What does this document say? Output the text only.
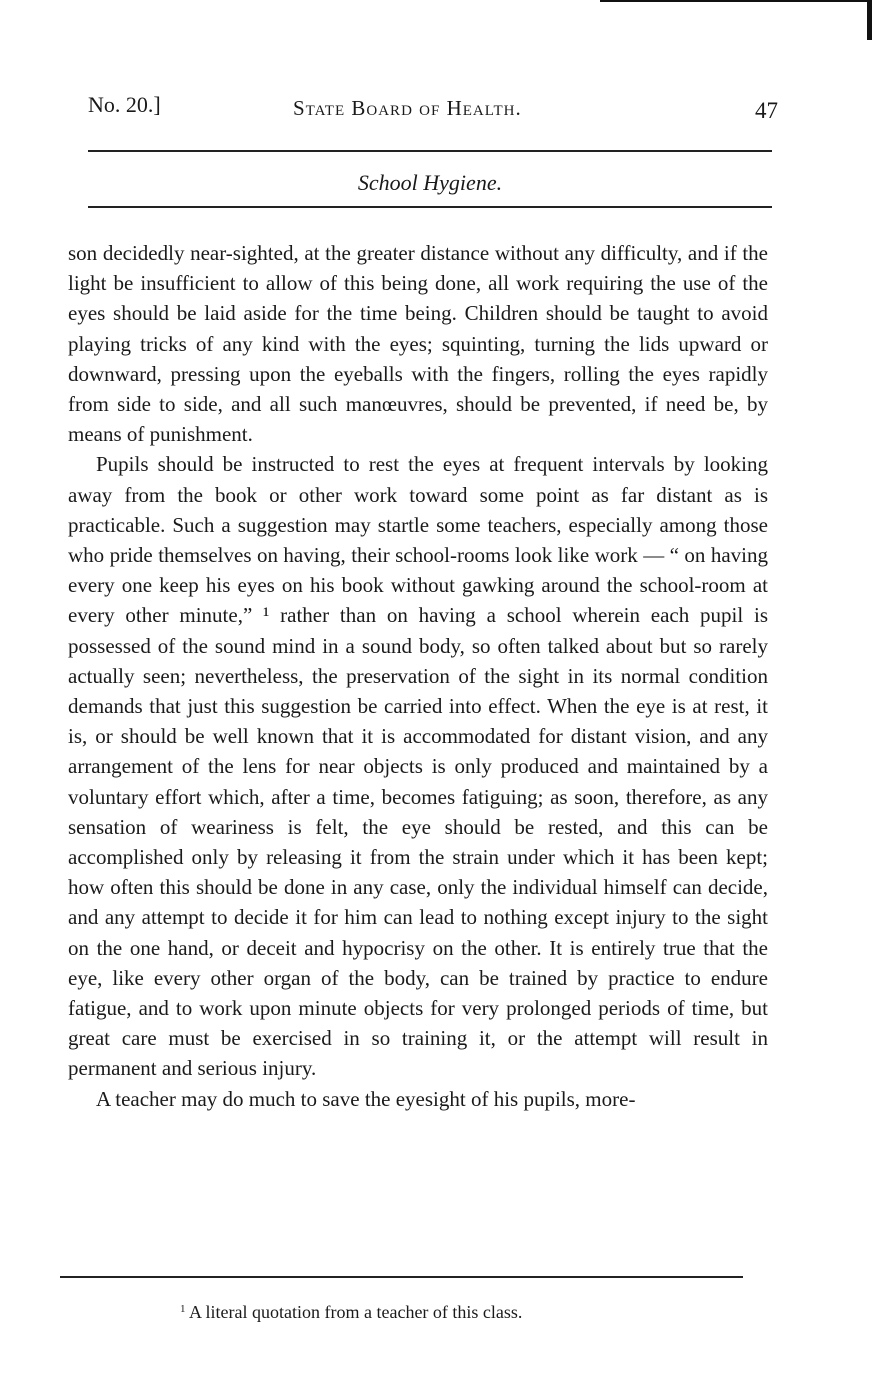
No. 20.]	State Board of Health.	47
School Hygiene.

son decidedly near-sighted, at the greater distance without any difficulty, and if the light be insufficient to allow of this being done, all work requiring the use of the eyes should be laid aside for the time being. Children should be taught to avoid playing tricks of any kind with the eyes; squinting, turning the lids upward or downward, pressing upon the eyeballs with the fingers, rolling the eyes rapidly from side to side, and all such manœuvres, should be prevented, if need be, by means of punishment.

Pupils should be instructed to rest the eyes at frequent intervals by looking away from the book or other work toward some point as far distant as is practicable. Such a suggestion may startle some teachers, especially among those who pride themselves on having, their school-rooms look like work — “ on having every one keep his eyes on his book without gawking around the school-room at every other minute,” ¹ rather than on having a school wherein each pupil is possessed of the sound mind in a sound body, so often talked about but so rarely actually seen; nevertheless, the preservation of the sight in its normal condition demands that just this suggestion be carried into effect. When the eye is at rest, it is, or should be well known that it is accommodated for distant vision, and any arrangement of the lens for near objects is only produced and maintained by a voluntary effort which, after a time, becomes fatiguing; as soon, therefore, as any sensation of weariness is felt, the eye should be rested, and this can be accomplished only by releasing it from the strain under which it has been kept; how often this should be done in any case, only the individual himself can decide, and any attempt to decide it for him can lead to nothing except injury to the sight on the one hand, or deceit and hypocrisy on the other. It is entirely true that the eye, like every other organ of the body, can be trained by practice to endure fatigue, and to work upon minute objects for very prolonged periods of time, but great care must be exercised in so training it, or the attempt will result in permanent and serious injury.

A teacher may do much to save the eyesight of his pupils, more-

$^1$ A literal quotation from a teacher of this class.
